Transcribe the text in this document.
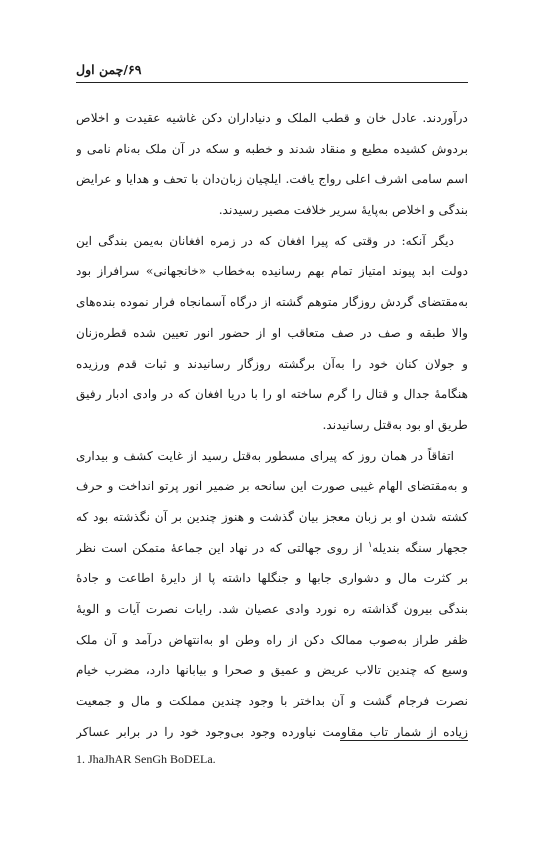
۶۹/چمن اول
درآوردند. عادل خان و قطب الملک و دنیاداران دکن غاشیه عقیدت و اخلاص
بردوش کشیده مطیع و منقاد شدند و خطبه و سکه در آن ملک به‌نام نامی و
اسم سامی اشرف اعلی رواج یافت. ایلچیان زبان‌دان با تحف و هدایا و عرایض
بندگی و اخلاص به‌پایهٔ سریر خلافت مصیر رسیدند.
دیگر آنکه: در وقتی که پیرا افغان که در زمره افغانان به‌یمن بندگی این
دولت ابد پیوند امتیاز تمام بهم رسانیده به‌خطاب «خانجهانی» سرافراز بود
به‌مقتضای گردش روزگار متوهم گشته از درگاه آسمانجاه فرار نموده بنده‌های
والا طبقه و صف در صف متعاقب او از حضور انور تعیین شده قطره‌زنان
و جولان کنان خود را به‌آن برگشته روزگار رسانیدند و ثبات قدم ورزیده
هنگامهٔ جدال و قتال را گرم ساخته او را با دریا افغان که در وادی ادبار رفیق
طریق او بود به‌قتل رسانیدند.
اتفاقاً در همان روز که پیرای مسطور به‌قتل رسید از غایت کشف و بیداری
و به‌مقتضای الهام غیبی صورت این سانحه بر ضمیر انور پرتو انداخت و حرف
کشته شدن او بر زبان معجز بیان گذشت و هنوز چندین بر آن نگذشته بود که
ججهار سنگه بندیله$^۱$ از روی جهالتی که در نهاد این جماعهٔ متمکن است نظر
بر کثرت مال و دشواری جابها و جنگلها داشته پا از دایرهٔ اطاعت و جادهٔ
بندگی بیرون گذاشته ره نورد وادی عصیان شد. رایات نصرت آیات و الویهٔ
ظفر طراز به‌صوب ممالک دکن از راه وطن او به‌انتهاض درآمد و آن ملک
وسیع که چندین تالاب عریض و عمیق و صحرا و بیابانها دارد، مضرب خیام
نصرت فرجام گشت و آن بداختر با وجود چندین مملکت و مال و جمعیت
زیاده از شمار تاب مقاومت نیاورده وجود بی‌وجود خود را در برابر عساکر
1. JhaJhAR SenGh BoDELa.
